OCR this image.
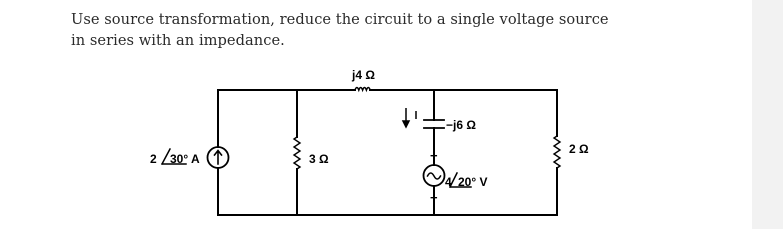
Use source transformation, reduce the circuit to a single voltage source
in series with an impedance.
j4 Ω
−j6 Ω
3 Ω
2 Ω
2 30° A
4 20° V
−
+
